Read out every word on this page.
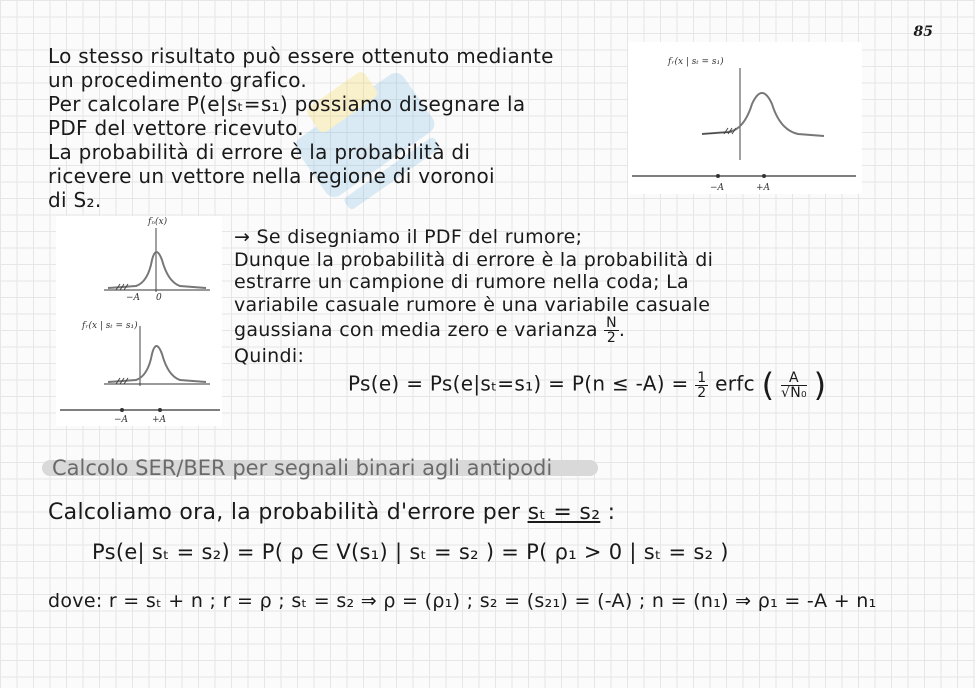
85
Lo stesso risultato può essere ottenuto mediante
un procedimento grafico.
Per calcolare P(e|sₜ=s₁) possiamo disegnare la
PDF del vettore ricevuto.
La probabilità di errore è la probabilità di
ricevere un vettore nella regione di voronoi
di S₂.
fᵣ(x | sₜ = s₁)
−A	+A
fₙ(x)
−A 0
fᵣ(x | sₜ = s₁)
−A	+A
→ Se disegniamo il PDF del rumore;
Dunque la probabilità di errore è la probabilità di
estrarre un campione di rumore nella coda; La
variabile casuale rumore è una variabile casuale
gaussiana con media zero e varianza $\frac{N}{2}$ .
Quindi:
$Ps(e) = Ps(e|s_t=s_1) = P(n \le -A) = \frac{1}{2}$ erfc ( $\frac{A}{\text{√N₀}}$ )
Calcolo SER/BER per segnali binari agli antipodi
Calcoliamo ora, la probabilità d'errore per sₜ = s₂ :
Ps(e| sₜ = s₂) = P( ρ ∈ V(s₁) | sₜ = s₂ ) = P( ρ₁ > 0 | sₜ = s₂ )
dove: r = sₜ + n ; r = ρ ; sₜ = s₂ ⇒ ρ = (ρ₁) ; s₂ = (s₂₁) = (-A) ; n = (n₁) ⇒ ρ₁ = -A + n₁
